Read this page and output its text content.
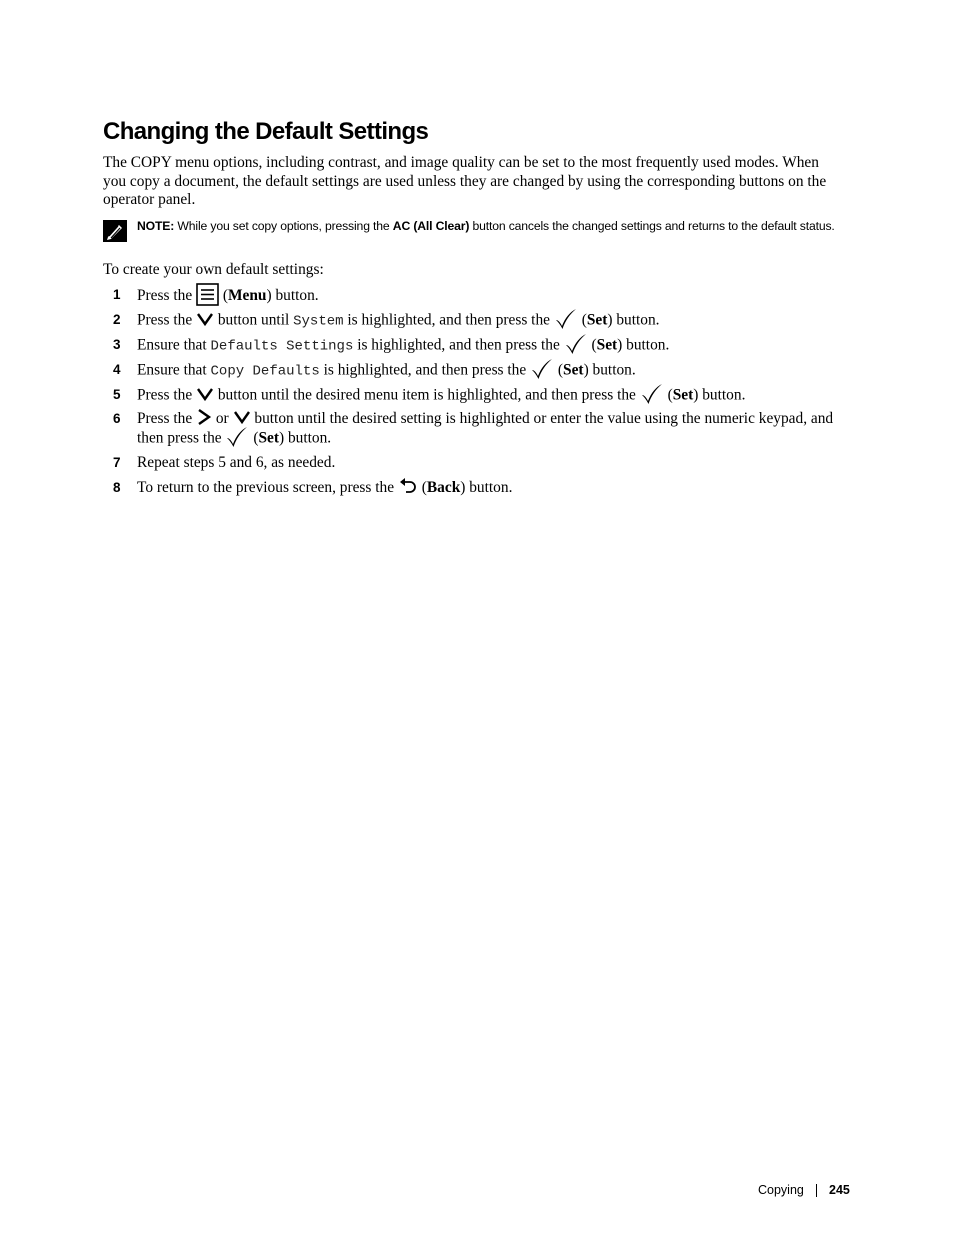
Changing the Default Settings

The COPY menu options, including contrast, and image quality can be set to the most frequently used modes. When you copy a document, the default settings are used unless they are changed by using the corresponding buttons on the operator panel.

NOTE: While you set copy options, pressing the AC (All Clear) button cancels the changed settings and returns to the default status.

To create your own default settings:

1 Press the  (Menu) button.
2 Press the  button until System is highlighted, and then press the  (Set) button.
3 Ensure that Defaults Settings is highlighted, and then press the  (Set) button.
4 Ensure that Copy Defaults is highlighted, and then press the  (Set) button.
5 Press the  button until the desired menu item is highlighted, and then press the  (Set) button.
6 Press the  or  button until the desired setting is highlighted or enter the value using the numeric keypad, and then press the  (Set) button.
7 Repeat steps 5 and 6, as needed.
8 To return to the previous screen, press the  (Back) button.
Copying 245
